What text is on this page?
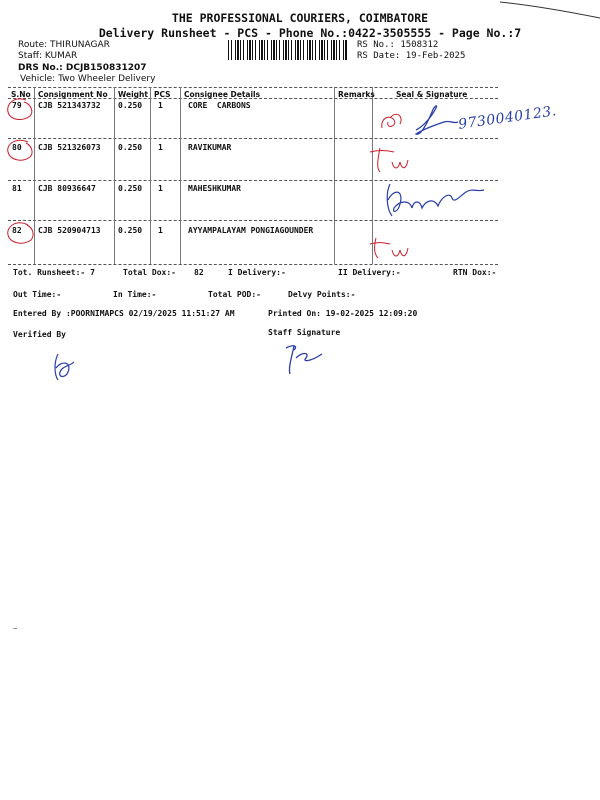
THE PROFESSIONAL COURIERS, COIMBATORE
Delivery Runsheet - PCS - Phone No.:0422-3505555 - Page No.:7
Route: THIRUNAGAR
Staff: KUMAR
DRS No.: DCJB150831207
Vehicle: Two Wheeler Delivery
RS No.: 1508312
RS Date: 19-Feb-2025
S.No Consignment No Weight PCS Consignee Details	Remarks	Seal & Signature
79 CJB 521343732 0.250 1	CORE  CARBONS
80 CJB 521326073 0.250 1	RAVIKUMAR
81 CJB 80936647	0.250 1	MAHESHKUMAR
82 CJB 520904713 0.250 1	AYYAMPALAYAM PONGIAGOUNDER
9730040123.
Tot. Runsheet:- 7	Total Dox:- 82	I Delivery:-	II Delivery:-	RTN Dox:-
Out Time:-	In Time:-	Total POD:-	Delvy Points:-
Entered By :POORNIMAPCS 02/19/2025 11:51:27 AM	Printed On: 19-02-2025 12:09:20
Verified By	Staff Signature
